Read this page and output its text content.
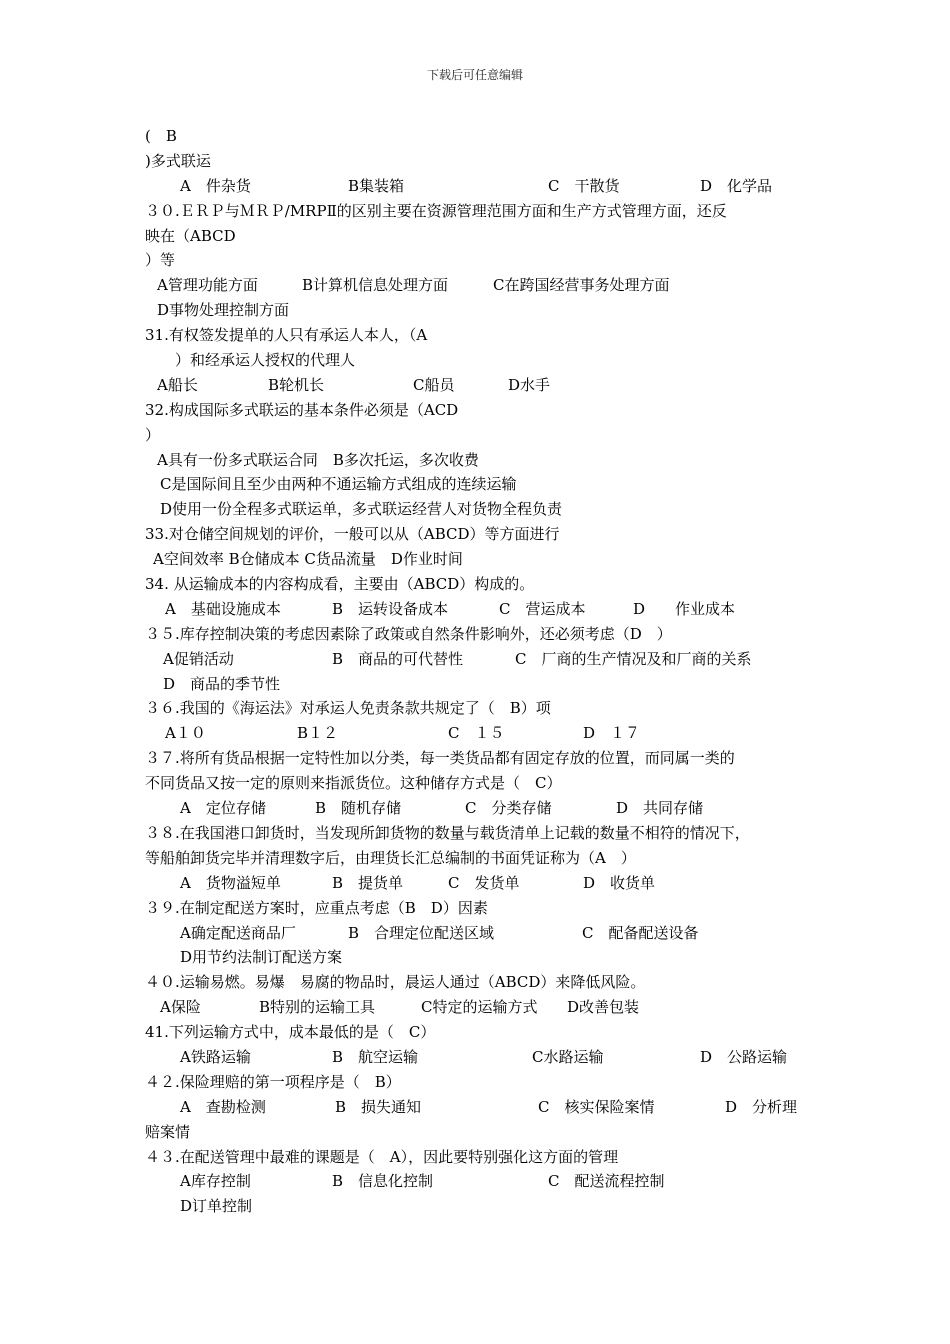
下载后可任意编辑
(　B
)多式联运
A　件杂货	B集装箱	C　干散货	D　化学品
３０.ＥＲＰ与ＭＲＰ/MRPⅡ的区别主要在资源管理范围方面和生产方式管理方面，还反
映在（ABCD
）等
A管理功能方面	B计算机信息处理方面	C在跨国经营事务处理方面
D事物处理控制方面
31.有权签发提单的人只有承运人本人，（A
）和经承运人授权的代理人
A船长	B轮机长	C船员	D水手
32.构成国际多式联运的基本条件必须是（ACD
）
A具有一份多式联运合同　B多次托运，多次收费
C是国际间且至少由两种不通运输方式组成的连续运输
D使用一份全程多式联运单，多式联运经营人对货物全程负责
33.对仓储空间规划的评价，一般可以从（ABCD）等方面进行
A空间效率 B仓储成本 C货品流量　D作业时间
34. 从运输成本的内容构成看，主要由（ABCD）构成的。
A　基础设施成本	B　运转设备成本	C　营运成本	D　　作业成本
３５.库存控制决策的考虑因素除了政策或自然条件影响外，还必须考虑（D　）
A促销活动	B　商品的可代替性	C　厂商的生产情况及和厂商的关系
D　商品的季节性
３６.我国的《海运法》对承运人免责条款共规定了（　B）项
A１０	B１２	C　１５	D　１７
３７.将所有货品根据一定特性加以分类，每一类货品都有固定存放的位置，而同属一类的
不同货品又按一定的原则来指派货位。这种储存方式是（　C）
A　定位存储	B　随机存储	C　分类存储	D　共同存储
３８.在我国港口卸货时，当发现所卸货物的数量与载货清单上记载的数量不相符的情况下，
等船舶卸货完毕并清理数字后，由理货长汇总编制的书面凭证称为（A　）
A　货物溢短单	B　提货单	C　发货单	D　收货单
３９.在制定配送方案时，应重点考虑（B　D）因素
A确定配送商品厂	B　合理定位配送区域	C　配备配送设备
D用节约法制订配送方案
４０.运输易燃。易爆　易腐的物品时，晨运人通过（ABCD）来降低风险。
A保险	B特别的运输工具	C特定的运输方式 D改善包装
41.下列运输方式中，成本最低的是（　C）
A铁路运输	B　航空运输	C水路运输	D　公路运输
４２.保险理赔的第一项程序是（　B）
A　查勘检测	B　损失通知	C　核实保险案情	D　分析理
赔案情
４３.在配送管理中最难的课题是（　A），因此要特别强化这方面的管理
A库存控制	B　信息化控制	C　配送流程控制
D订单控制
